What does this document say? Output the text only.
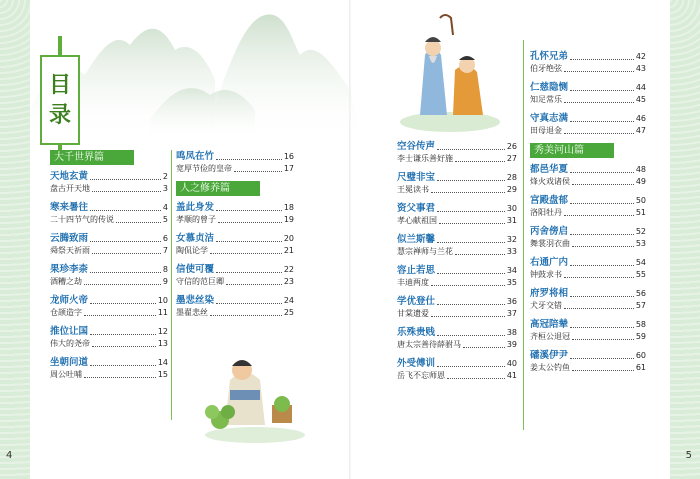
目
录
大千世界篇
天地玄黄	2
盘古开天地	3
寒来暑往	4
二十四节气的传说	5
云腾致雨	6
舜祭天祈雨	7
果珍李柰	8
酒糟之劫	9
龙师火帝	10
仓颉造字	11
推位让国	12
伟大的尧帝	13
坐朝问道	14
周公吐哺	15
鸣凤在竹	16
宽厚节俭的皇帝	17
人之修养篇
盖此身发	18
孝顺的曾子	19
女慕贞洁	20
陶侃论学	21
信使可覆	22
守信的范巨卿	23
墨悲丝染	24
墨翟悲丝	25
空谷传声	26
李士谦乐善好施	27
尺璧非宝	28
王冕读书	29
资父事君	30
孝心献祖国	31
似兰斯馨	32
慧宗禅师与兰花	33
容止若思	34
丰迪两度	35
学优登仕	36
甘棠遗爱	37
乐殊贵贱	38
唐太宗善待薛驸马	39
外受傅训	40
岳飞不忘师恩	41
孔怀兄弟	42
伯牙绝弦	43
仁慈隐恻	44
知足常乐	45
守真志满	46
田母退金	47
秀美河山篇
都邑华夏	48
烽火戏诸侯	49
宫殿盘郁	50
洛阳牡丹	51
丙舍傍启	52
舞裳羽衣曲	53
右通广内	54
钟鼓求书	55
府罗将相	56
犬牙交错	57
高冠陪辇	58
齐桓公退冠	59
磻溪伊尹	60
姜太公钓鱼	61
4	5
